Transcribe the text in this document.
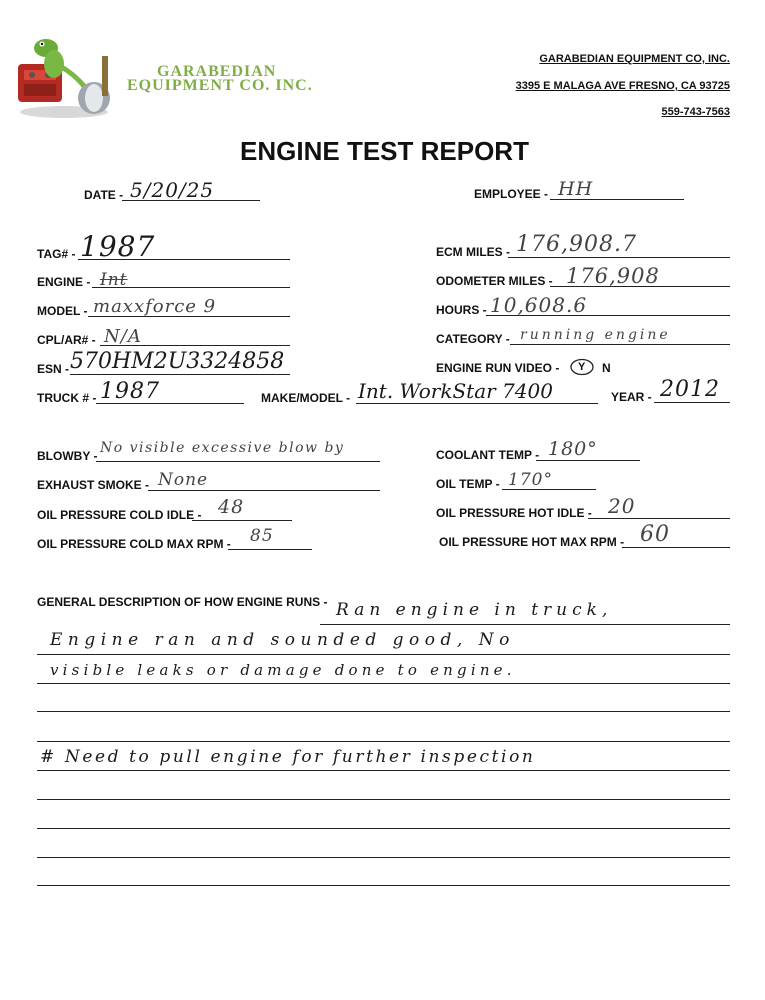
GARABEDIAN
EQUIPMENT CO. INC.
GARABEDIAN EQUIPMENT CO, INC.
3395 E MALAGA AVE FRESNO, CA 93725
559-743-7563
ENGINE TEST REPORT
DATE - 5/20/25	EMPLOYEE - HH
TAG# - 1987
ENGINE - Int
MODEL - maxxforce 9
CPL/AR# - N/A
ESN - 570HM2U3324858
TRUCK # - 1987
ECM MILES - 176,908.7
ODOMETER MILES - 176,908
HOURS - 10,608.6
CATEGORY - running engine
ENGINE RUN VIDEO - Y N
MAKE/MODEL - Int. WorkStar 7400	YEAR - 2012
BLOWBY - No visible excessive blow by	COOLANT TEMP - 180°
EXHAUST SMOKE - None	OIL TEMP - 170°
OIL PRESSURE COLD IDLE - 48	OIL PRESSURE HOT IDLE - 20
OIL PRESSURE COLD MAX RPM - 85	OIL PRESSURE HOT MAX RPM - 60
GENERAL DESCRIPTION OF HOW ENGINE RUNS - Ran engine in truck,
Engine ran and sounded good, No
visible leaks or damage done to engine.
# Need to pull engine for further inspection
